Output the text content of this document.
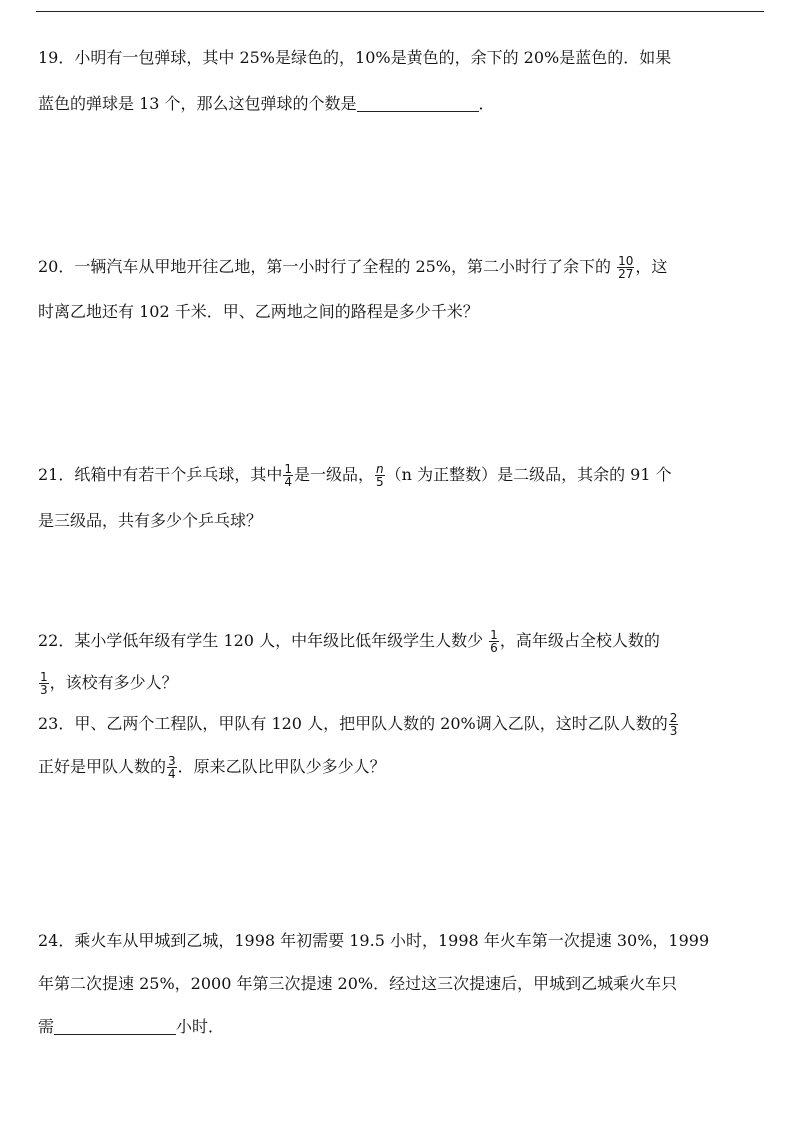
19．小明有一包弹球，其中 25%是绿色的，10%是黄色的，余下的 20%是蓝色的．如果
蓝色的弹球是 13 个，那么这包弹球的个数是	．
20．一辆汽车从甲地开往乙地，第一小时行了全程的 25%，第二小时行了余下的 $\frac{10}{27}$ ，这
时离乙地还有 102 千米．甲、乙两地之间的路程是多少千米？
21．纸箱中有若干个乒乓球，其中 $\frac{1}{4}$ 是一级品， $\frac{n}{5} (n$ 为正整数）是二级品，其余的 91 个
是三级品，共有多少个乒乓球？
22．某小学低年级有学生 120 人，中年级比低年级学生人数少 $\frac{1}{6}$ ，高年级占全校人数的
$\frac{1}{3}$ ，该校有多少人？
23．甲、乙两个工程队，甲队有 120 人，把甲队人数的 20%调入乙队，这时乙队人数的 $\frac{2}{3}$
正好是甲队人数的 $\frac{3}{4}$ ．原来乙队比甲队少多少人？
24．乘火车从甲城到乙城，1998 年初需要 19.5 小时，1998 年火车第一次提速 30%，1999
年第二次提速 25%，2000 年第三次提速 20%．经过这三次提速后，甲城到乙城乘火车只
需	小时．
